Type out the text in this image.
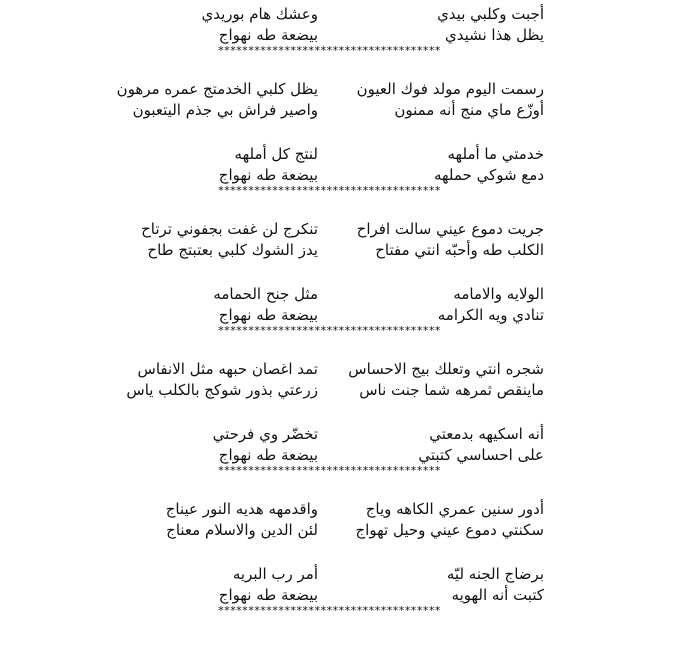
أجبت وكلبي بيدي
وعشك هام بوريدي
يظل هذا نشيدي
بيضعة طه نهواج
*************************************
رسمت اليوم مولد فوك العيون
يظل كلبي الخدمتج عمره مرهون
أوزّع ماي منج أنه ممنون
واصير فراش بي جذم اليتعبون
خدمتي ما أملهه
لنتج كل أملهه
دمع شوكي حملهه
بيضعة طه نهواج
*************************************
جريت دموع عيني سالت افراح
تنكرج لن غفت بجفوني ترتاح
الكلب طه وأحبّه انتي مفتاح
يدز الشوك كلبي بعتبتج طاح
الولايه والامامه
مثل جنح الحمامه
تنادي ويه الكرامه
بيضعة طه نهواج
*************************************
شجره انتي وتعلك بيج الاحساس
تمد اغصان حبهه مثل الانفاس
ماينقص ثمرهه شما جنت ناس
زرعتي بذور شوكج بالكلب ياس
أنه اسكيهه بدمعتي
تخضّر وي فرحتي
على احساسي كتبتي
بيضعة طه نهواج
*************************************
أدور سنين عمري الكاهه وياج
واقدمهه هديه النور عيناج
سكنتي دموع عيني وحيل تهواج
لئن الدين والاسلام معناج
برضاج الجنه ليّه
أمر رب البريه
كتبت أنه الهويه
بيضعة طه نهواج
*************************************
